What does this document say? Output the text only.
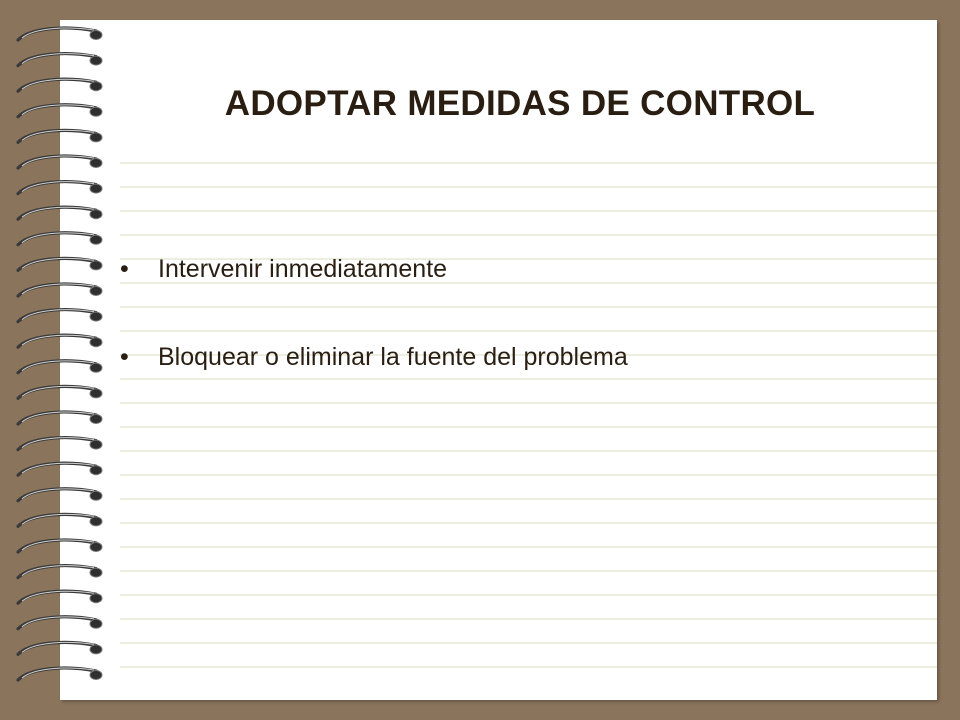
ADOPTAR MEDIDAS DE CONTROL
•	Intervenir inmediatamente
•	Bloquear o eliminar la fuente del problema
